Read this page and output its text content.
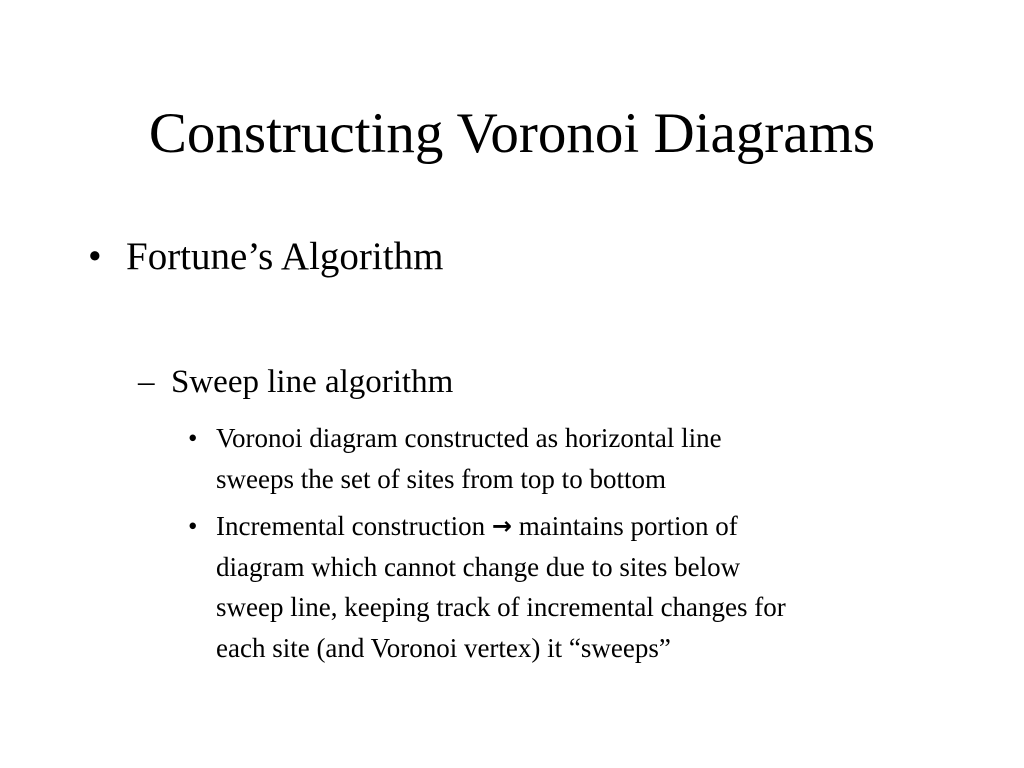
Constructing Voronoi Diagrams
• Fortune’s Algorithm
– Sweep line algorithm
• Voronoi diagram constructed as horizontal line
sweeps the set of sites from top to bottom
• Incremental construction → maintains portion of
diagram which cannot change due to sites below
sweep line, keeping track of incremental changes for
each site (and Voronoi vertex) it “sweeps”
